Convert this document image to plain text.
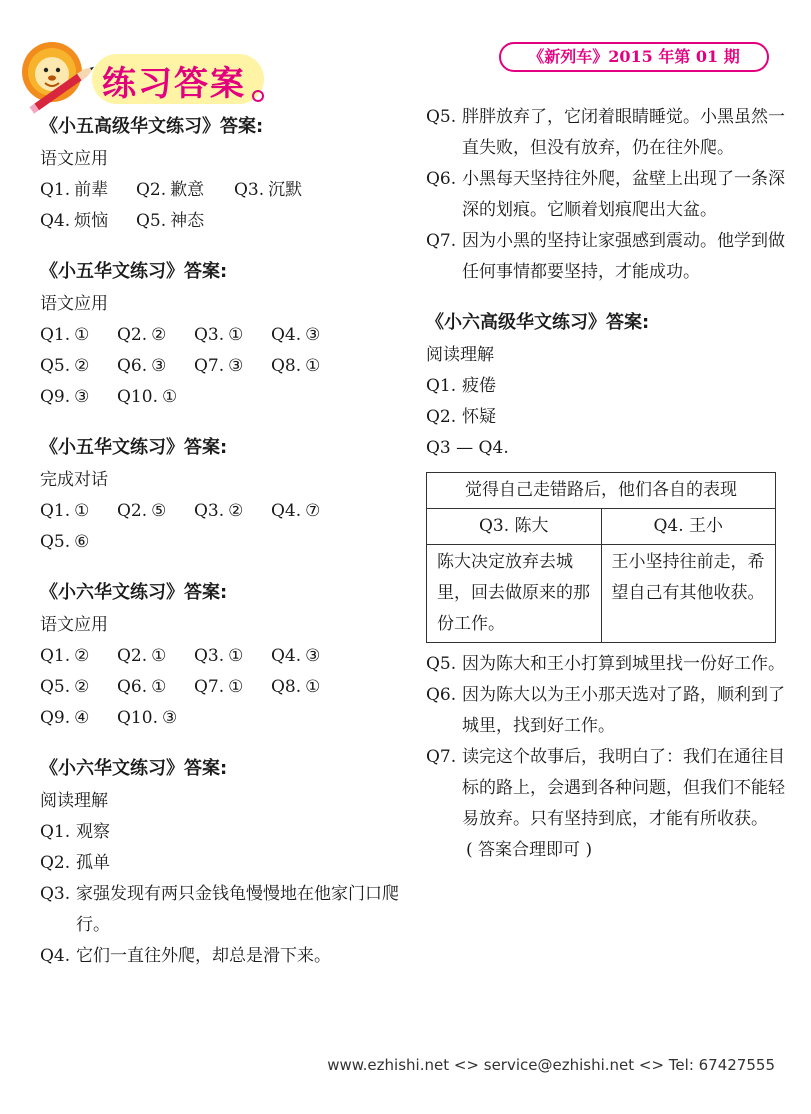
练习答案
《新列车》2015 年第 01 期
《小五高级华文练习》答案:
语文应用
Q1. 前辈	Q2. 歉意	Q3. 沉默
Q4. 烦恼	Q5. 神态
《小五华文练习》答案:
语文应用
Q1. ①	Q2. ②	Q3. ①	Q4. ③
Q5. ②	Q6. ③	Q7. ③	Q8. ①
Q9. ③	Q10. ①
《小五华文练习》答案:
完成对话
Q1. ①	Q2. ⑤	Q3. ②	Q4. ⑦
Q5. ⑥
《小六华文练习》答案:
语文应用
Q1. ②	Q2. ①	Q3. ①	Q4. ③
Q5. ②	Q6. ①	Q7. ①	Q8. ①
Q9. ④	Q10. ③
《小六华文练习》答案:
阅读理解
Q1. 观察
Q2. 孤单
Q3. 家强发现有两只金钱龟慢慢地在他家门口爬行。
Q4. 它们一直往外爬，却总是滑下来。
Q5. 胖胖放弃了，它闭着眼睛睡觉。小黑虽然一直失败，但没有放弃，仍在往外爬。
Q6. 小黑每天坚持往外爬，盆壁上出现了一条深深的划痕。它顺着划痕爬出大盆。
Q7. 因为小黑的坚持让家强感到震动。他学到做任何事情都要坚持，才能成功。
《小六高级华文练习》答案:
阅读理解
Q1. 疲倦
Q2. 怀疑
Q3 — Q4.
觉得自己走错路后，他们各自的表现	
Q3. 陈大	Q4. 王小
陈大决定放弃去城里，回去做原来的那份工作。	王小坚持往前走，希望自己有其他收获。
Q5. 因为陈大和王小打算到城里找一份好工作。
Q6. 因为陈大以为王小那天选对了路，顺利到了城里，找到好工作。
Q7. 读完这个故事后，我明白了：我们在通往目标的路上，会遇到各种问题，但我们不能轻易放弃。只有坚持到底，才能有所收获。
( 答案合理即可 )
www.ezhishi.net <> service@ezhishi.net <> Tel: 67427555
